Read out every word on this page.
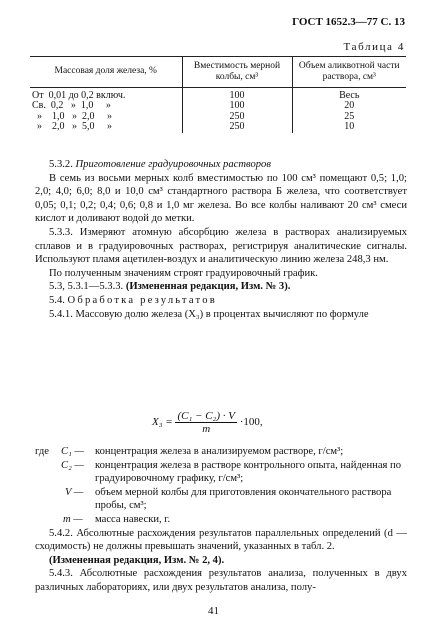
ГОСТ 1652.3—77 С. 13
Таблица 4
Массовая доля железа, %	Вместимость мерной колбы, см³	Объем аликвотной части раствора, см³
От  0,01 до 0,2 включ.	100	Весь
Св.  0,2   »  1,0     »	100	20
»    1,0   »  2,0     »	250	25
»    2,0   »  5,0     »	250	10

5.3.2. Приготовление градуировочных растворов

В семь из восьми мерных колб вместимостью по 100 см³ помещают 0,5; 1,0; 2,0; 4,0; 6,0; 8,0 и 10,0 см³ стандартного раствора Б железа, что соответствует 0,05; 0,1; 0,2; 0,4; 0,6; 0,8 и 1,0 мг железа. Во все колбы наливают 20 см³ смеси кислот и доливают водой до метки.

5.3.3. Измеряют атомную абсорбцию железа в растворах анализируемых сплавов и в градуировочных растворах, регистрируя аналитические сигналы. Используют пламя ацетилен-воздух и аналитическую линию железа 248,3 нм.

По полученным значениям строят градуировочный график.

5.3, 5.3.1—5.3.3. (Измененная редакция, Изм. № 3).

5.4. Обработка результатов

5.4.1. Массовую долю железа (X₃) в процентах вычисляют по формуле

$X_3 = \frac{\text{(C₁ − C₂) · V}}{m} \cdot 100$,
где	C₁ —	концентрация железа в анализируемом растворе, г/см³;
C₂ —	концентрация железа в растворе контрольного опыта, найденная по градуировочному графику, г/см³;
V —	объем мерной колбы для приготовления окончательного раствора пробы, см³;
m —	масса навески, г.

5.4.2. Абсолютные расхождения результатов параллельных определений (d — сходимость) не должны превышать значений, указанных в табл. 2.

(Измененная редакция, Изм. № 2, 4).

5.4.3. Абсолютные расхождения результатов анализа, полученных в двух различных лабораториях, или двух результатов анализа, полу-

41
